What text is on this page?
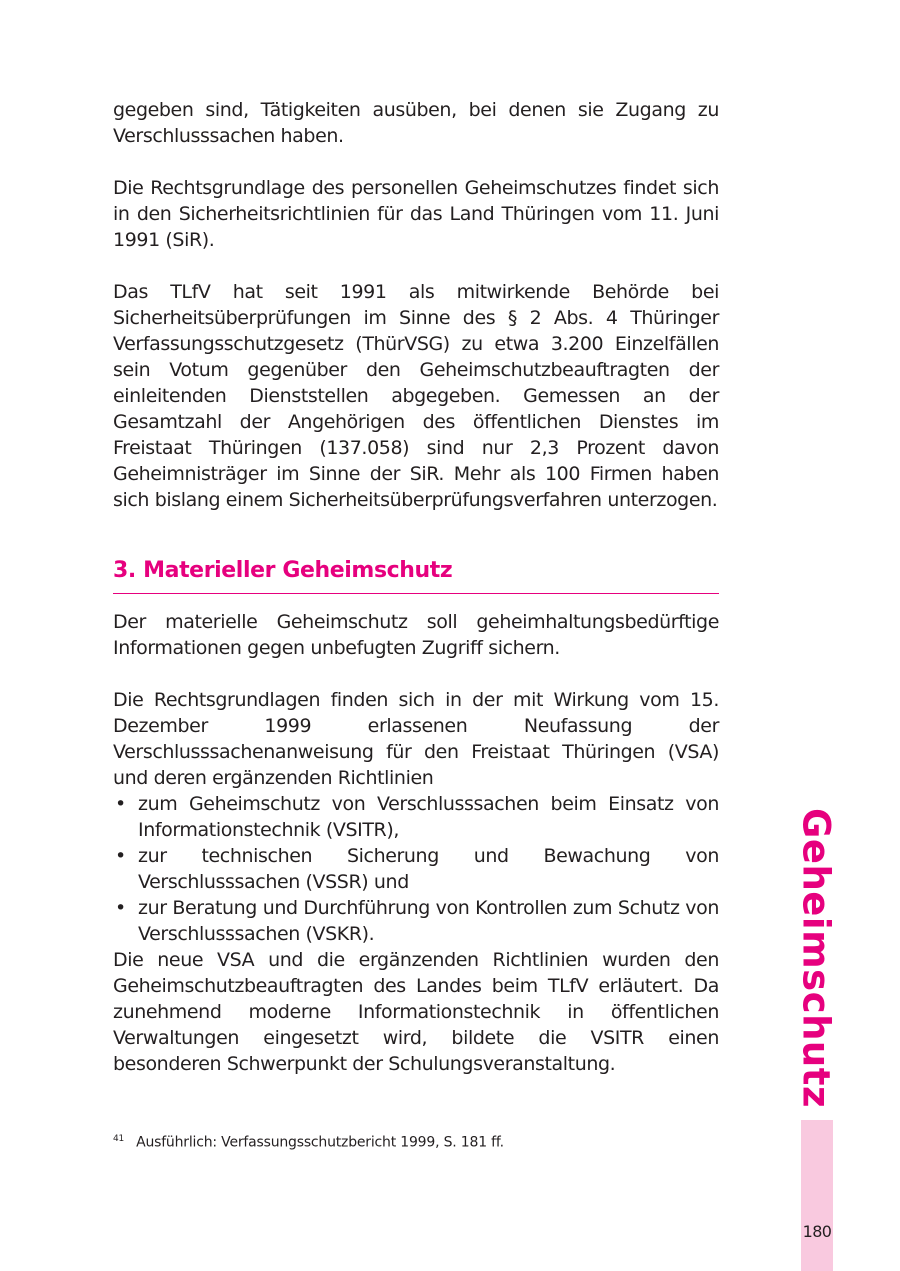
gegeben sind, Tätigkeiten ausüben, bei denen sie Zugang zu Verschlusssachen haben.

Die Rechtsgrundlage des personellen Geheimschutzes findet sich in den Sicherheitsrichtlinien für das Land Thüringen vom 11. Juni 1991 (SiR).

Das TLfV hat seit 1991 als mitwirkende Behörde bei Sicherheitsüberprüfungen im Sinne des § 2 Abs. 4 Thüringer Verfassungsschutzgesetz (ThürVSG) zu etwa 3.200 Einzelfällen sein Votum gegenüber den Geheimschutzbeauftragten der einleitenden Dienststellen abgegeben. Gemessen an der Gesamtzahl der Angehörigen des öffentlichen Dienstes im Freistaat Thüringen (137.058) sind nur 2,3 Prozent davon Geheimnisträger im Sinne der SiR. Mehr als 100 Firmen haben sich bislang einem Sicherheitsüberprüfungsverfahren unterzogen.

3. Materieller Geheimschutz

Der materielle Geheimschutz soll geheimhaltungsbedürftige Informationen gegen unbefugten Zugriff sichern.

Die Rechtsgrundlagen finden sich in der mit Wirkung vom 15. Dezember 1999 erlassenen Neufassung der Verschlusssachenanweisung für den Freistaat Thüringen (VSA) und deren ergänzenden Richtlinien

• zum Geheimschutz von Verschlusssachen beim Einsatz von Informationstechnik (VSITR),
• zur technischen Sicherung und Bewachung von Verschlusssachen (VSSR) und
• zur Beratung und Durchführung von Kontrollen zum Schutz von Verschlusssachen (VSKR).

Die neue VSA und die ergänzenden Richtlinien wurden den Geheimschutzbeauftragten des Landes beim TLfV erläutert. Da zunehmend moderne Informationstechnik in öffentlichen Verwaltungen eingesetzt wird, bildete die VSITR einen besonderen Schwerpunkt der Schulungsveranstaltung.

$^{41}$ Ausführlich: Verfassungsschutzbericht 1999, S. 181 ff.
Geheimschutz
180
